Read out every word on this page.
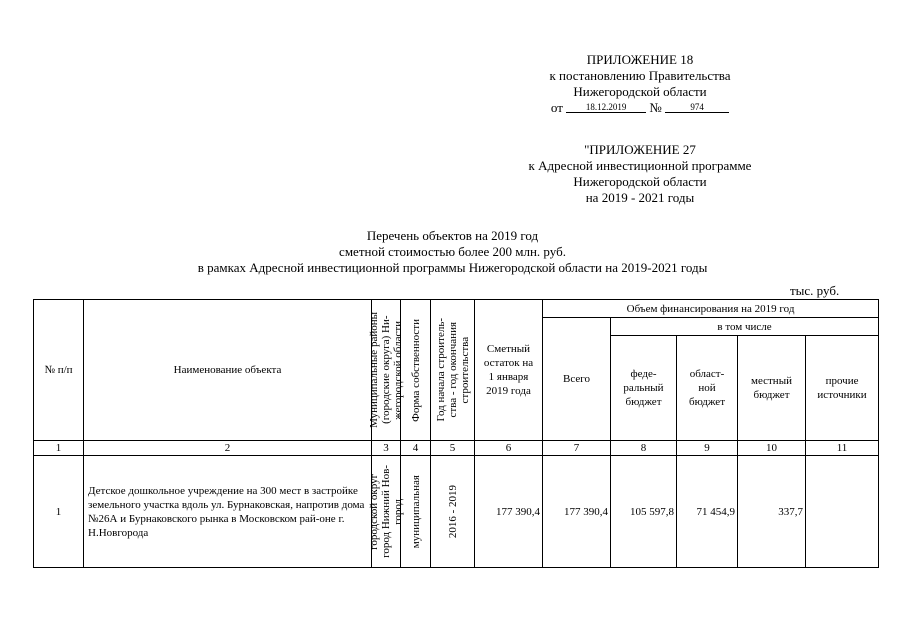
ПРИЛОЖЕНИЕ 18
к постановлению Правительства
Нижегородской области
от	18.12.2019 №	974
"ПРИЛОЖЕНИЕ 27
к Адресной инвестиционной программе
Нижегородской области
на 2019 - 2021 годы
Перечень объектов на 2019 год
сметной стоимостью более 200 млн. руб.
в рамках Адресной инвестиционной программы Нижегородской области на 2019-2021 годы
тыс. руб.
№ п/п	Наименование объекта	Муниципальные районы
(городские округа) Ни-
жегородской области	Форма собственности	Год начала строитель-
ства - год окончания
строительства	Сметный остаток на 1 января 2019 года	Объем финансирования на 2019 год				
						Всего	в том числе			
							феде-ральный бюджет	област-ной бюджет	местный бюджет	прочие источники
1	2	3	4	5	6	7	8	9	10	11
1	Детское дошкольное учреждение на 300 мест в застройке земельного участка вдоль ул. Бурнаковская, напротив дома №26А и Бурнаковского рынка в Московском рай-оне г. Н.Новгорода	городской округ
город Нижний Нов-
город	муниципальная	2016 - 2019	177 390,4	177 390,4	105 597,8	71 454,9	337,7	
